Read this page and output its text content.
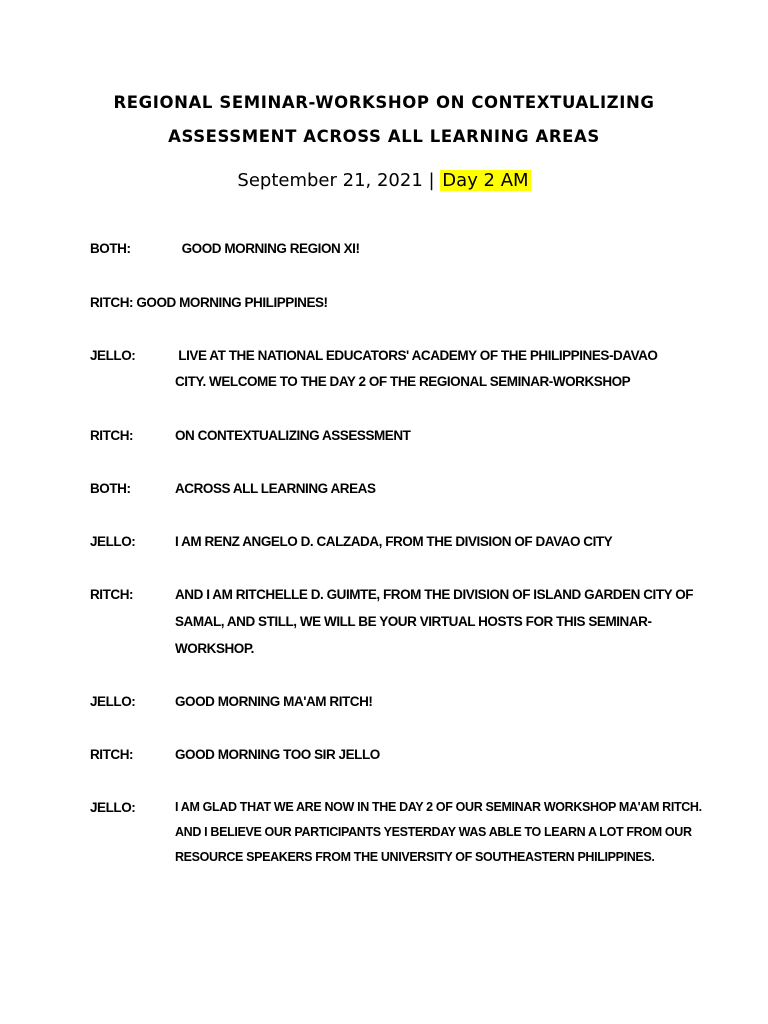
REGIONAL SEMINAR-WORKSHOP ON CONTEXTUALIZING
ASSESSMENT ACROSS ALL LEARNING AREAS
September 21, 2021 | Day 2 AM
BOTH:	GOOD MORNING REGION XI!
RITCH: GOOD MORNING PHILIPPINES!
JELLO:	LIVE AT THE NATIONAL EDUCATORS' ACADEMY OF THE PHILIPPINES-DAVAO
CITY. WELCOME TO THE DAY 2 OF THE REGIONAL SEMINAR-WORKSHOP
RITCH:	ON CONTEXTUALIZING ASSESSMENT
BOTH:	ACROSS ALL LEARNING AREAS
JELLO:	I AM RENZ ANGELO D. CALZADA, FROM THE DIVISION OF DAVAO CITY
RITCH:	AND I AM RITCHELLE D. GUIMTE, FROM THE DIVISION OF ISLAND GARDEN CITY OF
SAMAL, AND STILL, WE WILL BE YOUR VIRTUAL HOSTS FOR THIS SEMINAR-
WORKSHOP.
JELLO:	GOOD MORNING MA'AM RITCH!
RITCH:	GOOD MORNING TOO SIR JELLO
JELLO:	I AM GLAD THAT WE ARE NOW IN THE DAY 2 OF OUR SEMINAR WORKSHOP MA'AM RITCH.
AND I BELIEVE OUR PARTICIPANTS YESTERDAY WAS ABLE TO LEARN A LOT FROM OUR
RESOURCE SPEAKERS FROM THE UNIVERSITY OF SOUTHEASTERN PHILIPPINES.
